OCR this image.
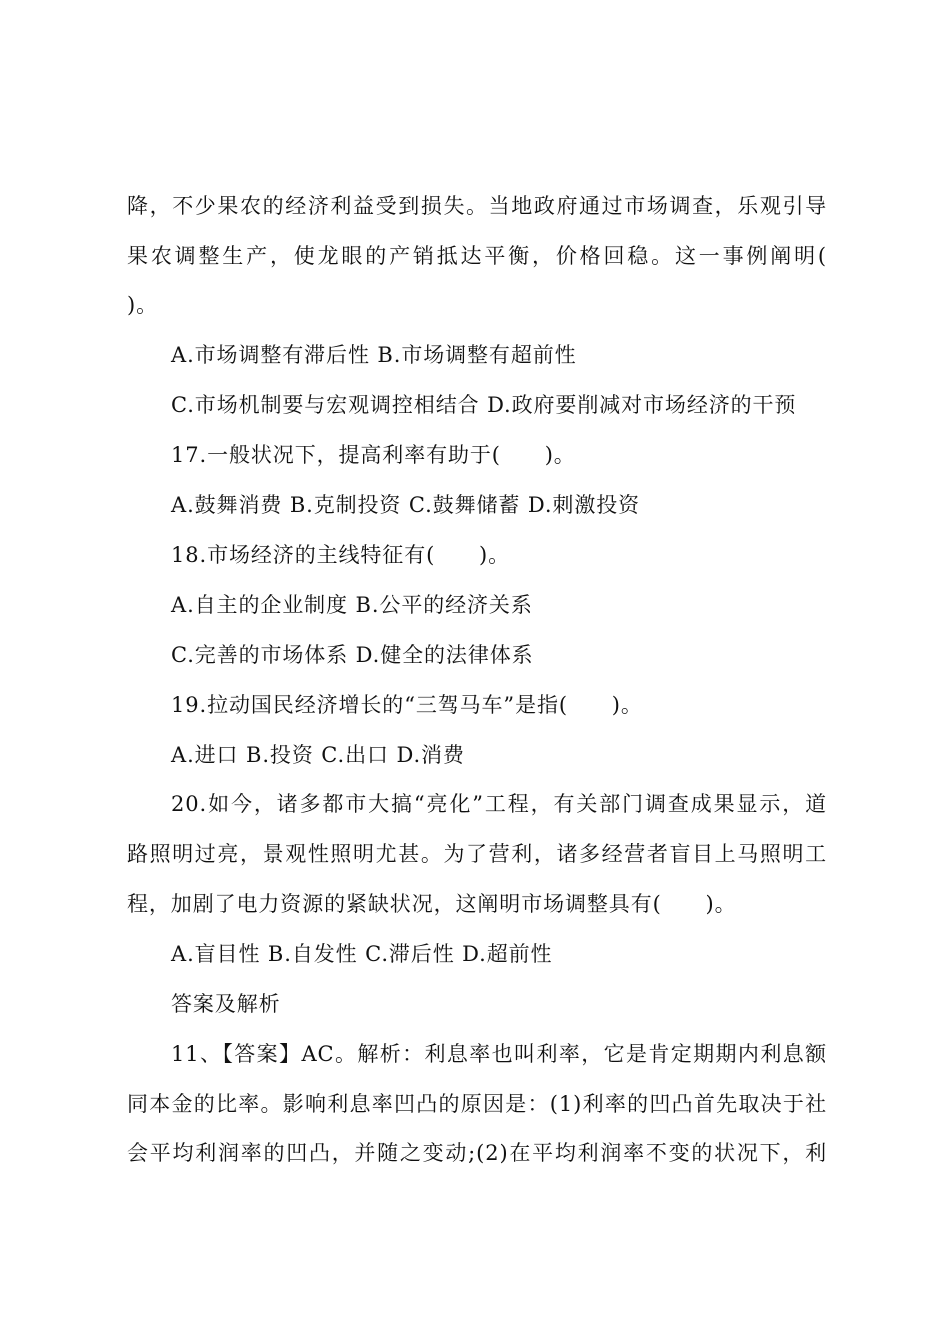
降，不少果农的经济利益受到损失。当地政府通过市场调查，乐观引导
果农调整生产，使龙眼的产销抵达平衡，价格回稳。这一事例阐明(
)。
A.市场调整有滞后性 B.市场调整有超前性
C.市场机制要与宏观调控相结合 D.政府要削减对市场经济的干预
17.一般状况下，提高利率有助于(　　)。
A.鼓舞消费 B.克制投资 C.鼓舞储蓄 D.刺激投资
18.市场经济的主线特征有(　　)。
A.自主的企业制度 B.公平的经济关系
C.完善的市场体系 D.健全的法律体系
19.拉动国民经济增长的“三驾马车”是指(　　)。
A.进口 B.投资 C.出口 D.消费
20.如今，诸多都市大搞“亮化”工程，有关部门调查成果显示，道
路照明过亮，景观性照明尤甚。为了营利，诸多经营者盲目上马照明工
程，加剧了电力资源的紧缺状况，这阐明市场调整具有(　　)。
A.盲目性 B.自发性 C.滞后性 D.超前性
答案及解析
11、【答案】AC。解析：利息率也叫利率，它是肯定期期内利息额
同本金的比率。影响利息率凹凸的原因是：(1)利率的凹凸首先取决于社
会平均利润率的凹凸，并随之变动;(2)在平均利润率不变的状况下，利
